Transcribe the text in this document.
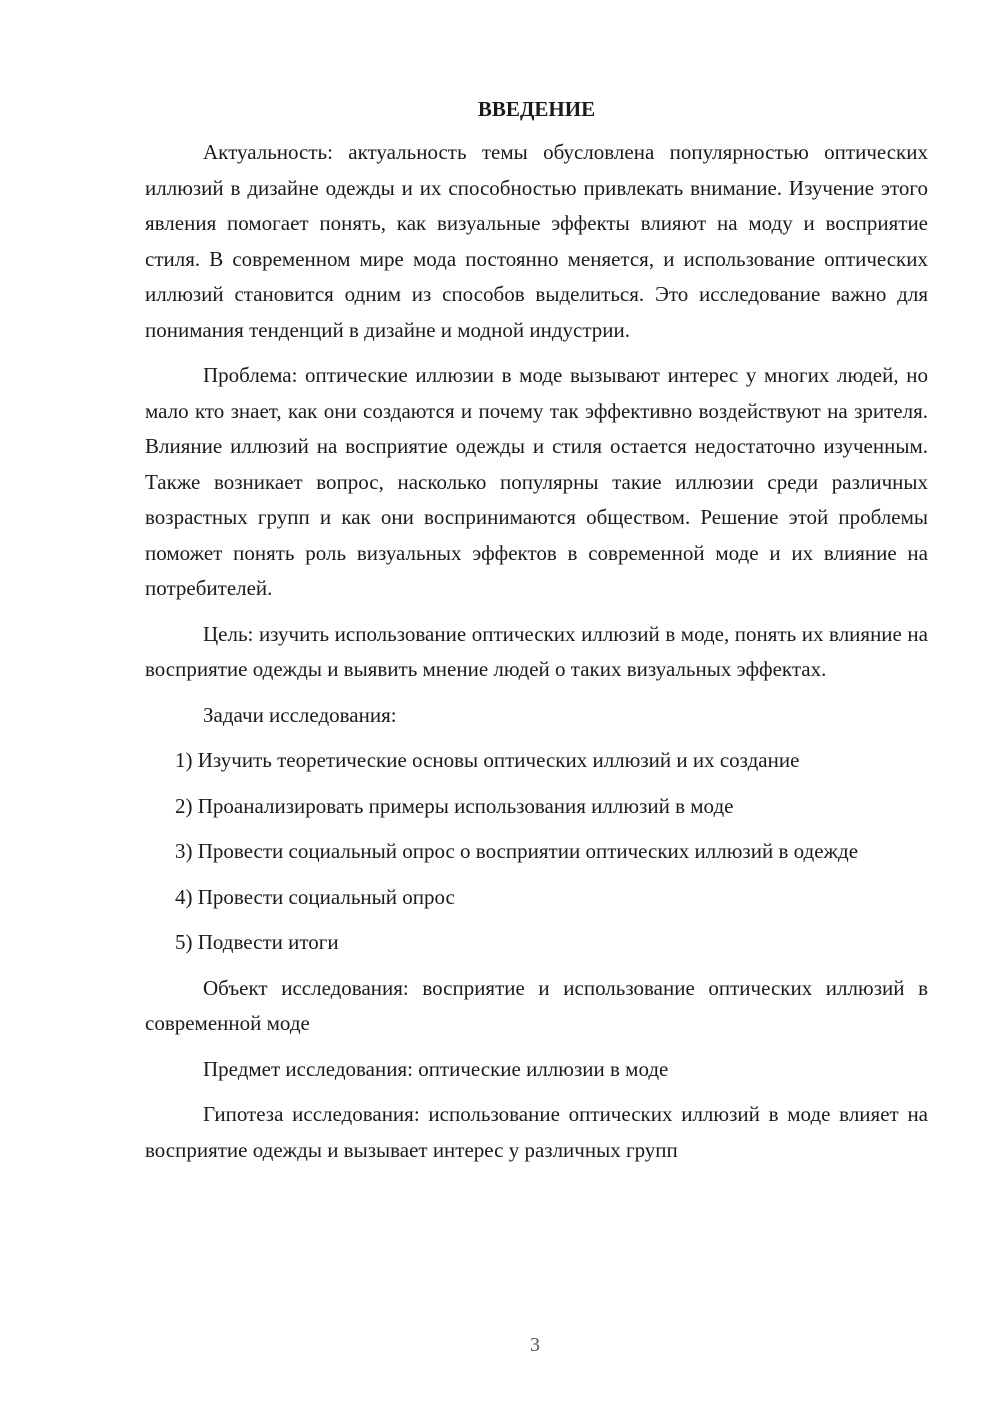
ВВЕДЕНИЕ

Актуальность: актуальность темы обусловлена популярностью оптических иллюзий в дизайне одежды и их способностью привлекать внимание. Изучение этого явления помогает понять, как визуальные эффекты влияют на моду и восприятие стиля. В современном мире мода постоянно меняется, и использование оптических иллюзий становится одним из способов выделиться. Это исследование важно для понимания тенденций в дизайне и модной индустрии.

Проблема: оптические иллюзии в моде вызывают интерес у многих людей, но мало кто знает, как они создаются и почему так эффективно воздействуют на зрителя. Влияние иллюзий на восприятие одежды и стиля остается недостаточно изученным. Также возникает вопрос, насколько популярны такие иллюзии среди различных возрастных групп и как они воспринимаются обществом. Решение этой проблемы поможет понять роль визуальных эффектов в современной моде и их влияние на потребителей.

Цель: изучить использование оптических иллюзий в моде, понять их влияние на восприятие одежды и выявить мнение людей о таких визуальных эффектах.

Задачи исследования:

1) Изучить теоретические основы оптических иллюзий и их создание

2) Проанализировать примеры использования иллюзий в моде

3) Провести социальный опрос о восприятии оптических иллюзий в одежде

4) Провести социальный опрос

5) Подвести итоги

Объект исследования: восприятие и использование оптических иллюзий в современной моде

Предмет исследования: оптические иллюзии в моде

Гипотеза исследования: использование оптических иллюзий в моде влияет на восприятие одежды и вызывает интерес у различных групп

3
